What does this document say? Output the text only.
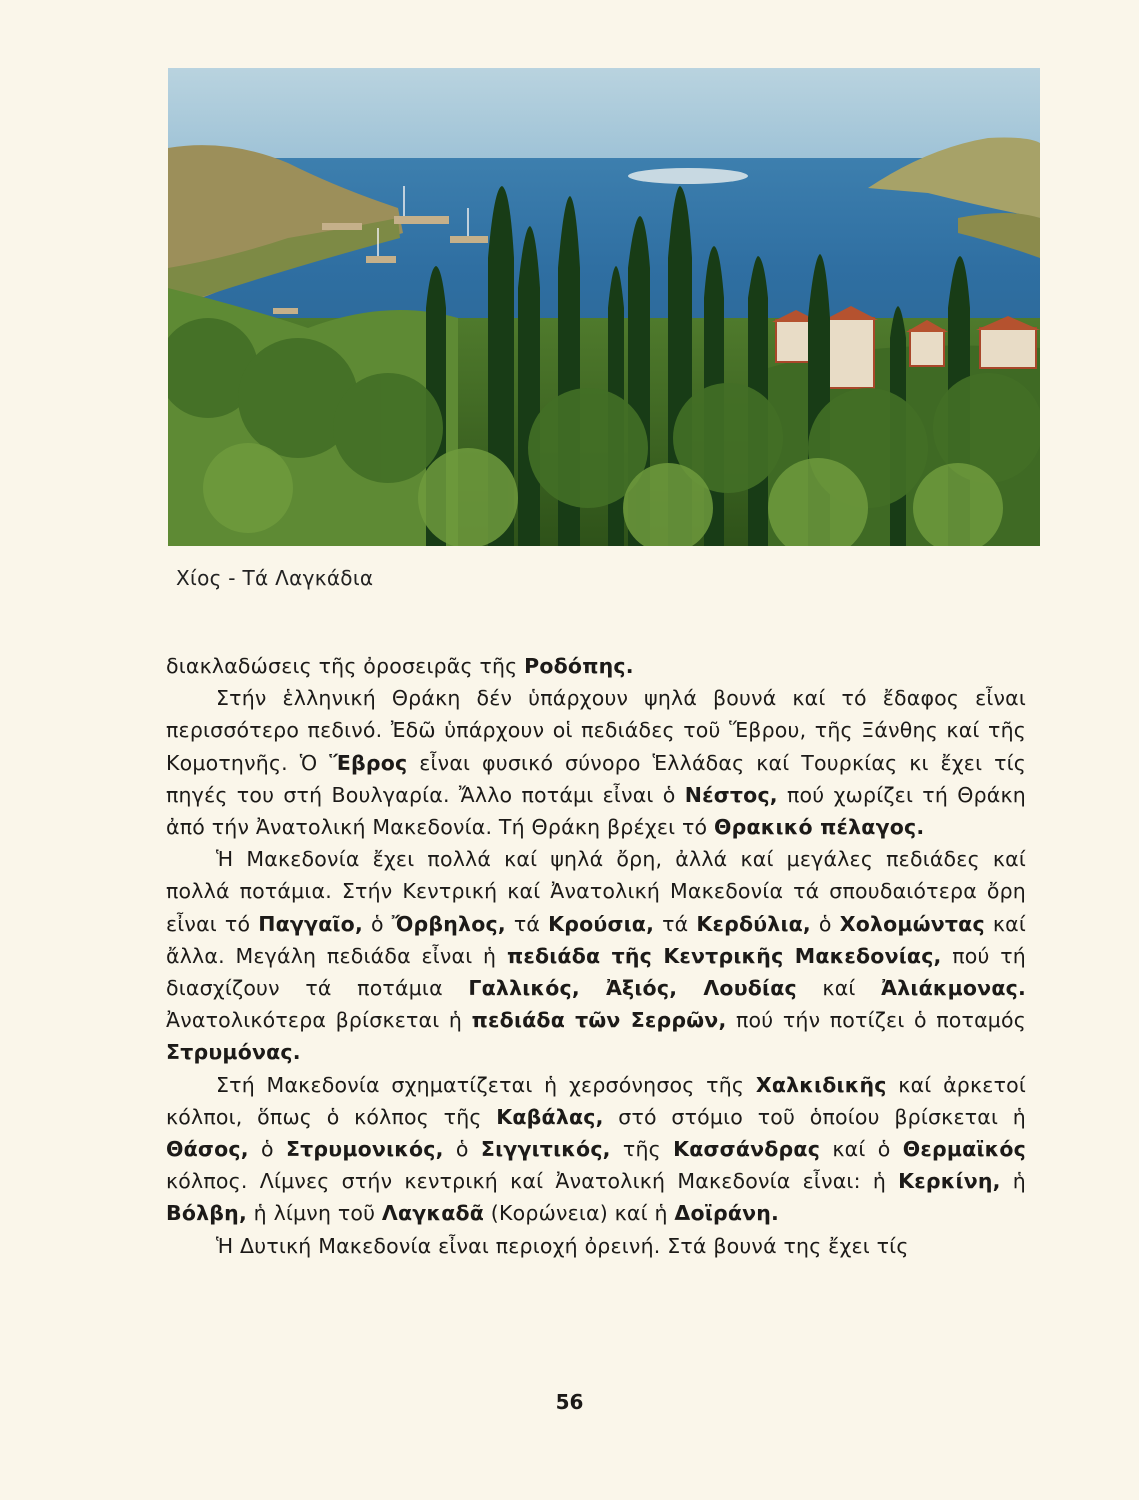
Χίος - Τά Λαγκάδια

διακλαδώσεις τῆς ὀροσειρᾶς τῆς Ροδόπης.

Στήν ἑλληνική Θράκη δέν ὑπάρχουν ψηλά βουνά καί τό ἔδαφος εἶναι περισσότερο πεδινό. Ἐδῶ ὑπάρχουν οἱ πεδιάδες τοῦ Ἕβρου, τῆς Ξάνθης καί τῆς Κομοτηνῆς. Ὁ Ἕβρος εἶναι φυσικό σύνορο Ἑλλάδας καί Τουρκίας κι ἔχει τίς πηγές του στή Βουλγαρία. Ἄλλο ποτάμι εἶναι ὁ Νέστος, πού χωρίζει τή Θράκη ἀπό τήν Ἀνατολική Μακεδονία. Τή Θράκη βρέχει τό Θρακικό πέλαγος.

Ἡ Μακεδονία ἔχει πολλά καί ψηλά ὄρη, ἀλλά καί μεγάλες πεδιάδες καί πολλά ποτάμια. Στήν Κεντρική καί Ἀνατολική Μακεδονία τά σπουδαιότερα ὄρη εἶναι τό Παγγαῖο, ὁ Ὄρβηλος, τά Κρούσια, τά Κερδύλια, ὁ Χολομώντας καί ἄλλα. Μεγάλη πεδιάδα εἶναι ἡ πεδιάδα τῆς Κεντρικῆς Μακεδονίας, πού τή διασχίζουν τά ποτάμια Γαλλικός, Ἀξιός, Λουδίας καί Ἀλιάκμονας. Ἀνατολικότερα βρίσκεται ἡ πεδιάδα τῶν Σερρῶν, πού τήν ποτίζει ὁ ποταμός Στρυμόνας.

Στή Μακεδονία σχηματίζεται ἡ χερσόνησος τῆς Χαλκιδικῆς καί ἀρκετοί κόλποι, ὅπως ὁ κόλπος τῆς Καβάλας, στό στόμιο τοῦ ὁποίου βρίσκεται ἡ Θάσος, ὁ Στρυμονικός, ὁ Σιγγιτικός, τῆς Κασσάνδρας καί ὁ Θερμαϊκός κόλπος. Λίμνες στήν κεντρική καί Ἀνατολική Μακεδονία εἶναι: ἡ Κερκίνη, ἡ Βόλβη, ἡ λίμνη τοῦ Λαγκαδᾶ (Κορώνεια) καί ἡ Δοϊράνη.

Ἡ Δυτική Μακεδονία εἶναι περιοχή ὀρεινή. Στά βουνά της ἔχει τίς

56
